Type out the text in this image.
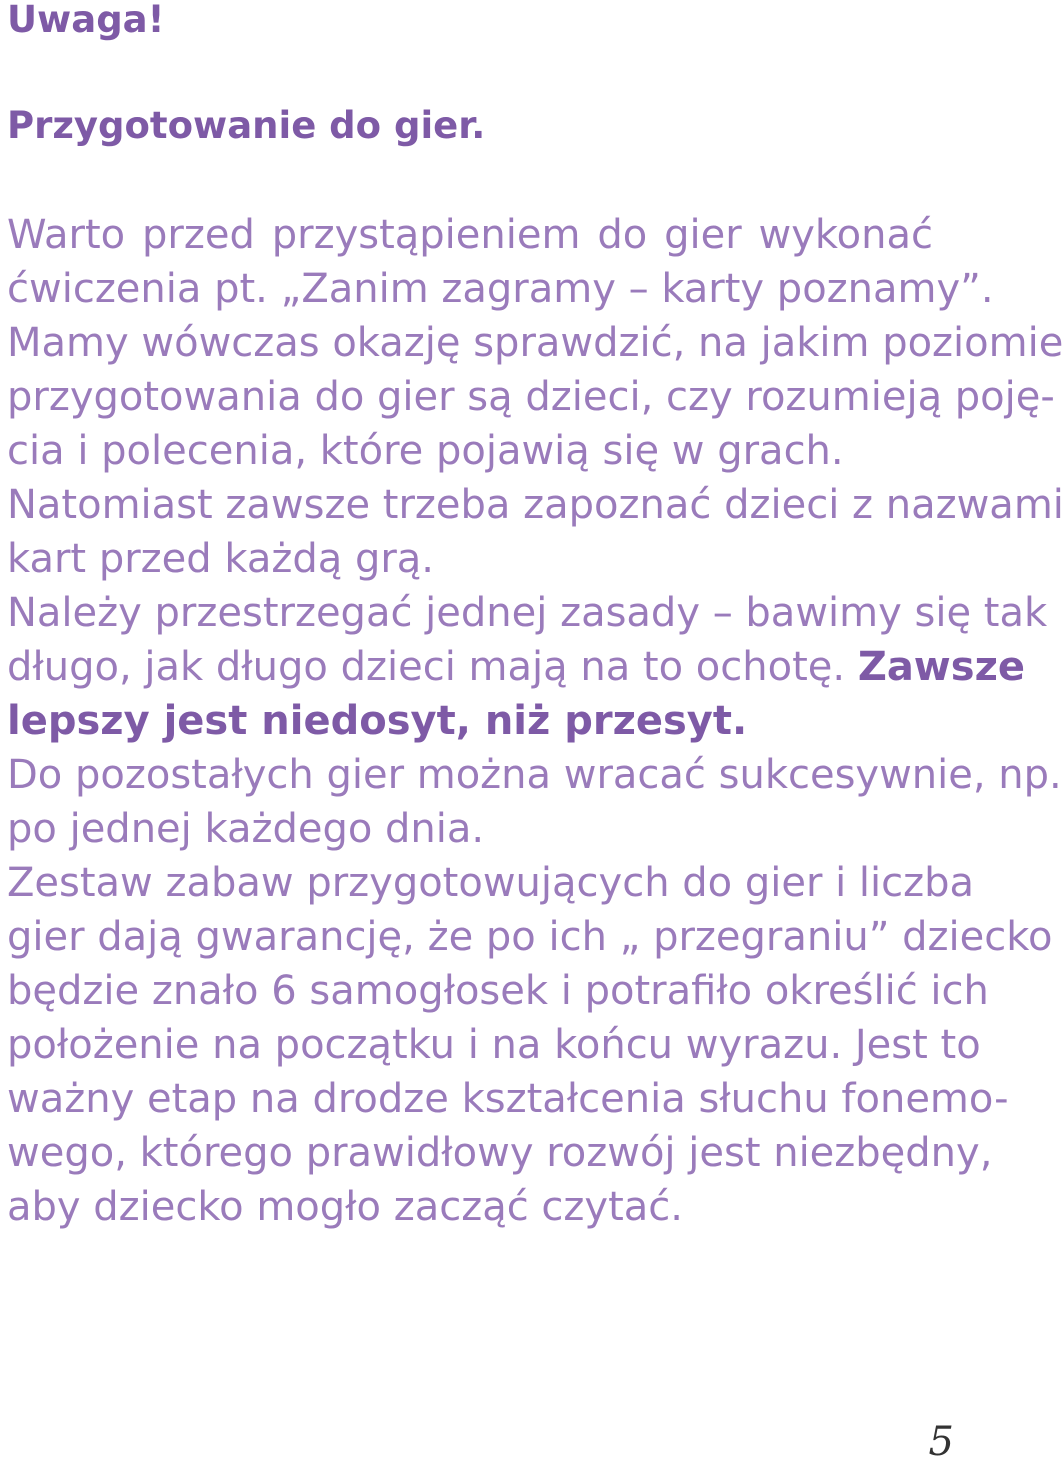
Uwaga!
Przygotowanie do gier.
Warto przed przystąpieniem do gier wykonać
ćwiczenia pt. „Zanim zagramy – karty poznamy”.
Mamy wówczas okazję sprawdzić, na jakim poziomie
przygotowania do gier są dzieci, czy rozumieją poję-
cia i polecenia, które pojawią się w grach.
Natomiast zawsze trzeba zapoznać dzieci z nazwami
kart przed każdą grą.
Należy przestrzegać jednej zasady – bawimy się tak
długo, jak długo dzieci mają na to ochotę. Zawsze
lepszy jest niedosyt, niż przesyt.
Do pozostałych gier można wracać sukcesywnie, np.
po jednej każdego dnia.
Zestaw zabaw przygotowujących do gier i liczba
gier dają gwarancję, że po ich „ przegraniu” dziecko
będzie znało 6 samogłosek i potrafiło określić ich
położenie na początku i na końcu wyrazu. Jest to
ważny etap na drodze kształcenia słuchu fonemo-
wego, którego prawidłowy rozwój jest niezbędny,
aby dziecko mogło zacząć czytać.
5
